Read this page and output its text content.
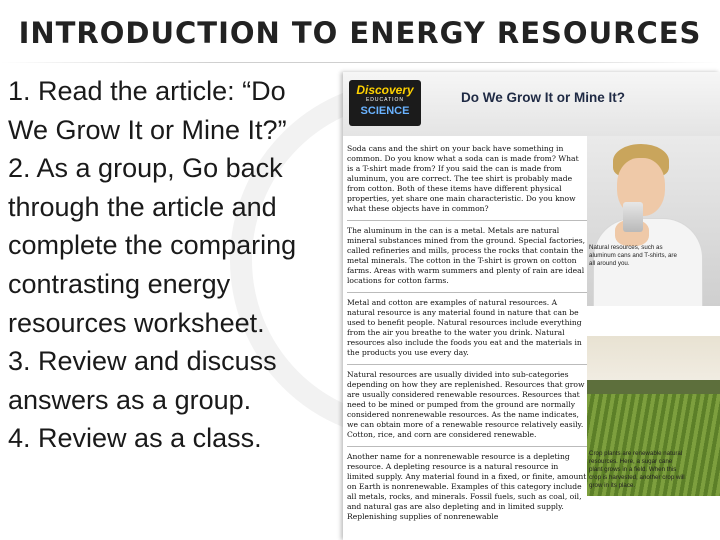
INTRODUCTION TO ENERGY RESOURCES
1. Read the article: “Do
We Grow It or Mine It?”
2. As a group, Go back
through the article and
complete the comparing
contrasting energy
resources worksheet.
3. Review and discuss
answers as a group.
4. Review as a class.
Discovery
EDUCATION
SCIENCE
Do We Grow It or Mine It?

Soda cans and the shirt on your back have something in common. Do you know what a soda can is made from? What is a T-shirt made from? If you said the can is made from aluminum, you are correct. The tee shirt is probably made from cotton. Both of these items have different physical properties, yet share one main characteristic. Do you know what these objects have in common?

The aluminum in the can is a metal. Metals are natural mineral substances mined from the ground. Special factories, called refineries and mills, process the rocks that contain the metal minerals. The cotton in the T-shirt is grown on cotton farms. Areas with warm summers and plenty of rain are ideal locations for cotton farms.

Metal and cotton are examples of natural resources. A natural resource is any material found in nature that can be used to benefit people. Natural resources include everything from the air you breathe to the water you drink. Natural resources also include the foods you eat and the materials in the products you use every day.

Natural resources are usually divided into sub-categories depending on how they are replenished. Resources that grow are usually considered renewable resources. Resources that need to be mined or pumped from the ground are normally considered nonrenewable resources. As the name indicates, we can obtain more of a renewable resource relatively easily. Cotton, rice, and corn are considered renewable.

Another name for a nonrenewable resource is a depleting resource. A depleting resource is a natural resource in limited supply. Any material found in a fixed, or finite, amount on Earth is nonrenewable. Examples of this category include all metals, rocks, and minerals. Fossil fuels, such as coal, oil, and natural gas are also depleting and in limited supply. Replenishing supplies of nonrenewable

Natural resources, such as aluminum cans and T-shirts, are all around you.
Crop plants are renewable natural resources. Here, a sugar cane plant grows in a field. When this crop is harvested, another crop will grow in its place.
